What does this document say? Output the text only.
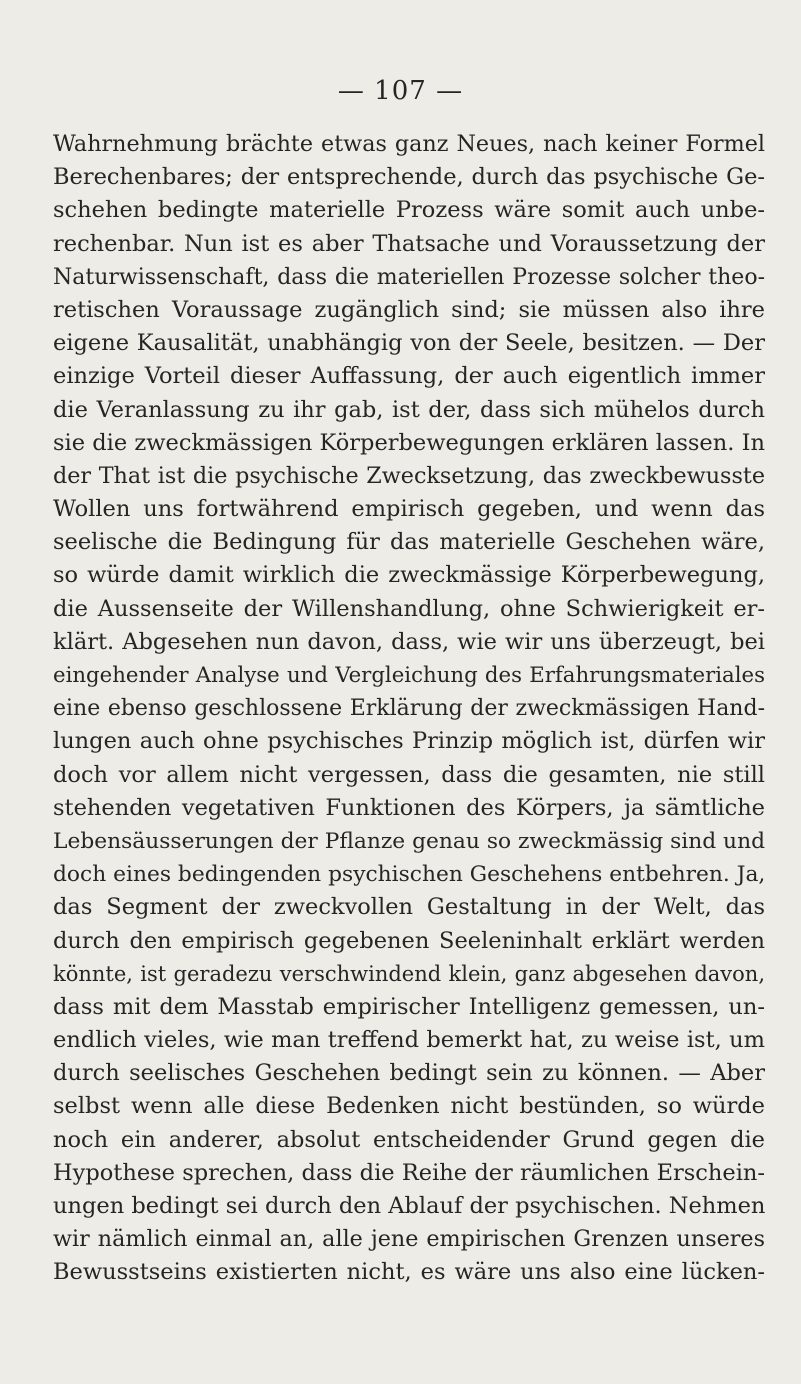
— 107 —
Wahrnehmung brächte etwas ganz Neues, nach keiner Formel
Berechenbares; der entsprechende, durch das psychische Ge-
schehen bedingte materielle Prozess wäre somit auch unbe-
rechenbar. Nun ist es aber Thatsache und Voraussetzung der
Naturwissenschaft, dass die materiellen Prozesse solcher theo-
retischen Voraussage zugänglich sind; sie müssen also ihre
eigene Kausalität, unabhängig von der Seele, besitzen. — Der
einzige Vorteil dieser Auffassung, der auch eigentlich immer
die Veranlassung zu ihr gab, ist der, dass sich mühelos durch
sie die zweckmässigen Körperbewegungen erklären lassen. In
der That ist die psychische Zwecksetzung, das zweckbewusste
Wollen uns fortwährend empirisch gegeben, und wenn das
seelische die Bedingung für das materielle Geschehen wäre,
so würde damit wirklich die zweckmässige Körperbewegung,
die Aussenseite der Willenshandlung, ohne Schwierigkeit er-
klärt. Abgesehen nun davon, dass, wie wir uns überzeugt, bei
eingehender Analyse und Vergleichung des Erfahrungsmateriales
eine ebenso geschlossene Erklärung der zweckmässigen Hand-
lungen auch ohne psychisches Prinzip möglich ist, dürfen wir
doch vor allem nicht vergessen, dass die gesamten, nie still
stehenden vegetativen Funktionen des Körpers, ja sämtliche
Lebensäusserungen der Pflanze genau so zweckmässig sind und
doch eines bedingenden psychischen Geschehens entbehren. Ja,
das Segment der zweckvollen Gestaltung in der Welt, das
durch den empirisch gegebenen Seeleninhalt erklärt werden
könnte, ist geradezu verschwindend klein, ganz abgesehen davon,
dass mit dem Masstab empirischer Intelligenz gemessen, un-
endlich vieles, wie man treffend bemerkt hat, zu weise ist, um
durch seelisches Geschehen bedingt sein zu können. — Aber
selbst wenn alle diese Bedenken nicht bestünden, so würde
noch ein anderer, absolut entscheidender Grund gegen die
Hypothese sprechen, dass die Reihe der räumlichen Erschein-
ungen bedingt sei durch den Ablauf der psychischen. Nehmen
wir nämlich einmal an, alle jene empirischen Grenzen unseres
Bewusstseins existierten nicht, es wäre uns also eine lücken-
